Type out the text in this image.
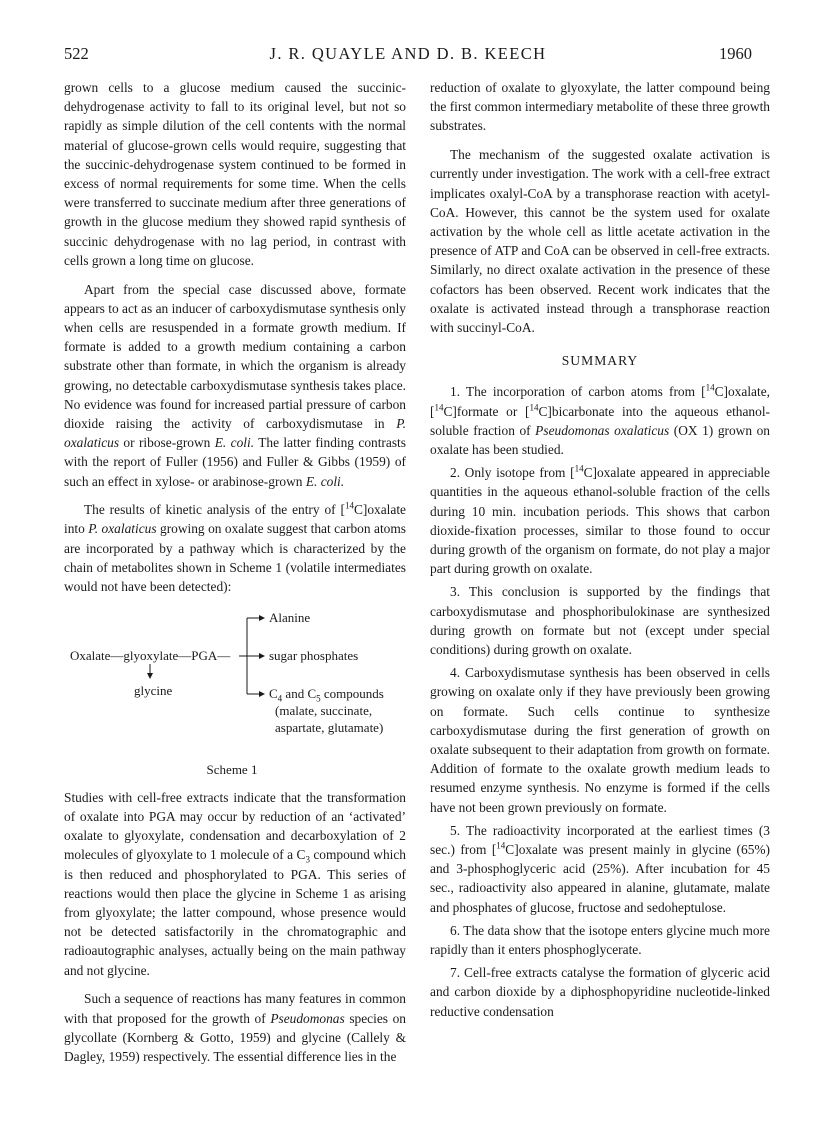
522	J. R. QUAYLE AND D. B. KEECH	1960

grown cells to a glucose medium caused the succinic-dehydrogenase activity to fall to its original level, but not so rapidly as simple dilution of the cell contents with the normal material of glucose-grown cells would require, suggesting that the succinic-dehydrogenase system continued to be formed in excess of normal requirements for some time. When the cells were transferred to succinate medium after three generations of growth in the glucose medium they showed rapid synthesis of succinic dehydrogenase with no lag period, in contrast with cells grown a long time on glucose.

Apart from the special case discussed above, formate appears to act as an inducer of carboxydismutase synthesis only when cells are resuspended in a formate growth medium. If formate is added to a growth medium containing a carbon substrate other than formate, in which the organism is already growing, no detectable carboxydismutase synthesis takes place. No evidence was found for increased partial pressure of carbon dioxide raising the activity of carboxydismutase in P. oxalaticus or ribose-grown E. coli. The latter finding contrasts with the report of Fuller (1956) and Fuller & Gibbs (1959) of such an effect in xylose- or arabinose-grown E. coli.

The results of kinetic analysis of the entry of [$^{14}$C]oxalate into P. oxalaticus growing on oxalate suggest that carbon atoms are incorporated by a pathway which is characterized by the chain of metabolites shown in Scheme 1 (volatile intermediates would not have been detected):

Oxalate—glyoxylate—PGA—
glycine
Alanine
sugar phosphates
$C_4$ and $C_5$ compounds
(malate, succinate,
aspartate, glutamate)
Scheme 1

Studies with cell-free extracts indicate that the transformation of oxalate into PGA may occur by reduction of an ‘activated’ oxalate to glyoxylate, condensation and decarboxylation of 2 molecules of glyoxylate to 1 molecule of a $C_3$ compound which is then reduced and phosphorylated to PGA. This series of reactions would then place the glycine in Scheme 1 as arising from glyoxylate; the latter compound, whose presence would not be detected satisfactorily in the chromatographic and radioautographic analyses, actually being on the main pathway and not glycine.

Such a sequence of reactions has many features in common with that proposed for the growth of Pseudomonas species on glycollate (Kornberg & Gotto, 1959) and glycine (Callely & Dagley, 1959) respectively. The essential difference lies in the

reduction of oxalate to glyoxylate, the latter compound being the first common intermediary metabolite of these three growth substrates.

The mechanism of the suggested oxalate activation is currently under investigation. The work with a cell-free extract implicates oxalyl-CoA by a transphorase reaction with acetyl-CoA. However, this cannot be the system used for oxalate activation by the whole cell as little acetate activation in the presence of ATP and CoA can be observed in cell-free extracts. Similarly, no direct oxalate activation in the presence of these cofactors has been observed. Recent work indicates that the oxalate is activated instead through a transphorase reaction with succinyl-CoA.

SUMMARY

1. The incorporation of carbon atoms from [$^{14}$C]oxalate, [$^{14}$C]formate or [$^{14}$C]bicarbonate into the aqueous ethanol-soluble fraction of Pseudomonas oxalaticus (OX 1) grown on oxalate has been studied.

2. Only isotope from [$^{14}$C]oxalate appeared in appreciable quantities in the aqueous ethanol-soluble fraction of the cells during 10 min. incubation periods. This shows that carbon dioxide-fixation processes, similar to those found to occur during growth of the organism on formate, do not play a major part during growth on oxalate.

3. This conclusion is supported by the findings that carboxydismutase and phosphoribulokinase are synthesized during growth on formate but not (except under special conditions) during growth on oxalate.

4. Carboxydismutase synthesis has been observed in cells growing on oxalate only if they have previously been growing on formate. Such cells continue to synthesize carboxydismutase during the first generation of growth on oxalate subsequent to their adaptation from growth on formate. Addition of formate to the oxalate growth medium leads to resumed enzyme synthesis. No enzyme is formed if the cells have not been grown previously on formate.

5. The radioactivity incorporated at the earliest times (3 sec.) from [$^{14}$C]oxalate was present mainly in glycine (65%) and 3-phosphoglyceric acid (25%). After incubation for 45 sec., radioactivity also appeared in alanine, glutamate, malate and phosphates of glucose, fructose and sedoheptulose.

6. The data show that the isotope enters glycine much more rapidly than it enters phosphoglycerate.

7. Cell-free extracts catalyse the formation of glyceric acid and carbon dioxide by a diphosphopyridine nucleotide-linked reductive condensation
